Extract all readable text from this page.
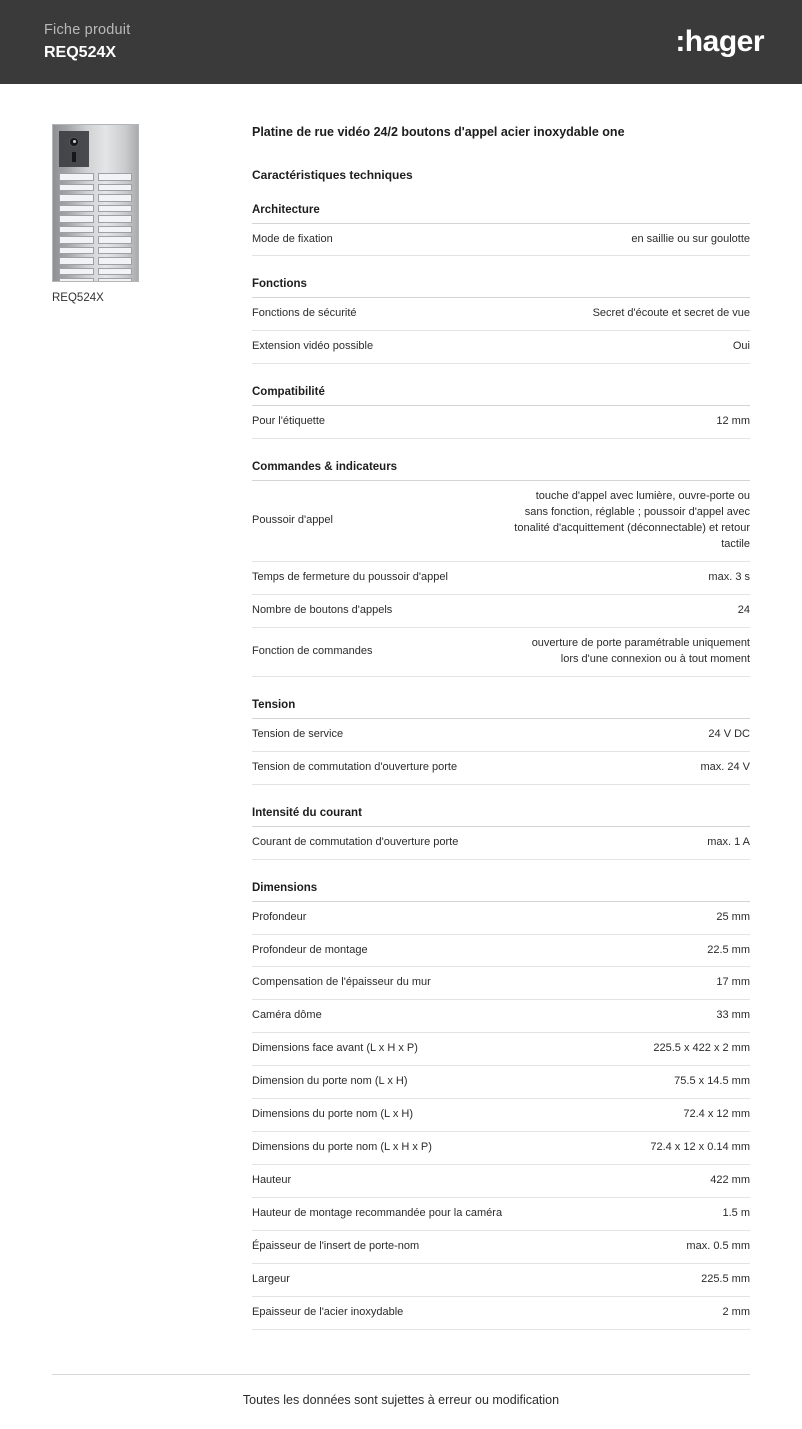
Fiche produit
REQ524X	:hager
REQ524X
Platine de rue vidéo 24/2 boutons d'appel acier inoxydable one
Caractéristiques techniques
Architecture
Mode de fixation	en saillie ou sur goulotte
Fonctions
Fonctions de sécurité	Secret d'écoute et secret de vue
Extension vidéo possible	Oui
Compatibilité
Pour l'étiquette	12 mm
Commandes & indicateurs
Poussoir d'appel	touche d'appel avec lumière, ouvre-porte ou sans fonction, réglable ; poussoir d'appel avec tonalité d'acquittement (déconnectable) et retour tactile
Temps de fermeture du poussoir d'appel	max. 3 s
Nombre de boutons d'appels	24
Fonction de commandes	ouverture de porte paramétrable uniquement lors d'une connexion ou à tout moment
Tension
Tension de service	24 V DC
Tension de commutation d'ouverture porte	max. 24 V
Intensité du courant
Courant de commutation d'ouverture porte	max. 1 A
Dimensions
Profondeur	25 mm
Profondeur de montage	22.5 mm
Compensation de l'épaisseur du mur	17 mm
Caméra dôme	33 mm
Dimensions face avant (L x H x P)	225.5 x 422 x 2 mm
Dimension du porte nom (L x H)	75.5 x 14.5 mm
Dimensions du porte nom (L x H)	72.4 x 12 mm
Dimensions du porte nom (L x H x P)	72.4 x 12 x 0.14 mm
Hauteur	422 mm
Hauteur de montage recommandée pour la caméra	1.5 m
Épaisseur de l'insert de porte-nom	max. 0.5 mm
Largeur	225.5 mm
Epaisseur de l'acier inoxydable	2 mm
Toutes les données sont sujettes à erreur ou modification
